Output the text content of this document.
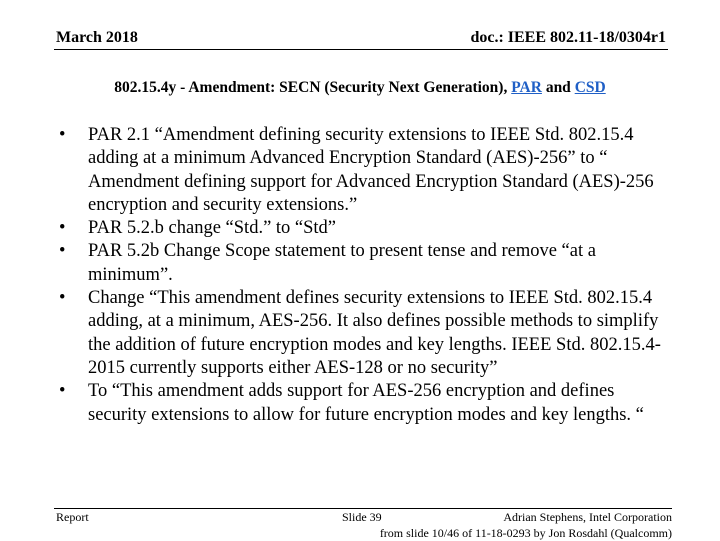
March 2018	doc.: IEEE 802.11-18/0304r1
802.15.4y - Amendment: SECN (Security Next Generation), PAR and CSD
• PAR 2.1 “Amendment defining security extensions to IEEE Std. 802.15.4 adding at a minimum Advanced Encryption Standard (AES)-256” to “ Amendment defining support for Advanced Encryption Standard (AES)-256 encryption and security extensions.”
• PAR 5.2.b change “Std.” to “Std”
• PAR 5.2b Change Scope statement to present tense and remove “at a minimum”.
• Change “This amendment defines security extensions to IEEE Std. 802.15.4 adding, at a minimum, AES-256. It also defines possible methods to simplify the addition of future encryption modes and key lengths. IEEE Std. 802.15.4-2015 currently supports either AES-128 or no security”
• To “This amendment adds support for AES-256 encryption and defines security extensions to allow for future encryption modes and key lengths. “
Report	Slide 39	Adrian Stephens, Intel Corporation
from slide 10/46 of 11-18-0293 by Jon Rosdahl (Qualcomm)
